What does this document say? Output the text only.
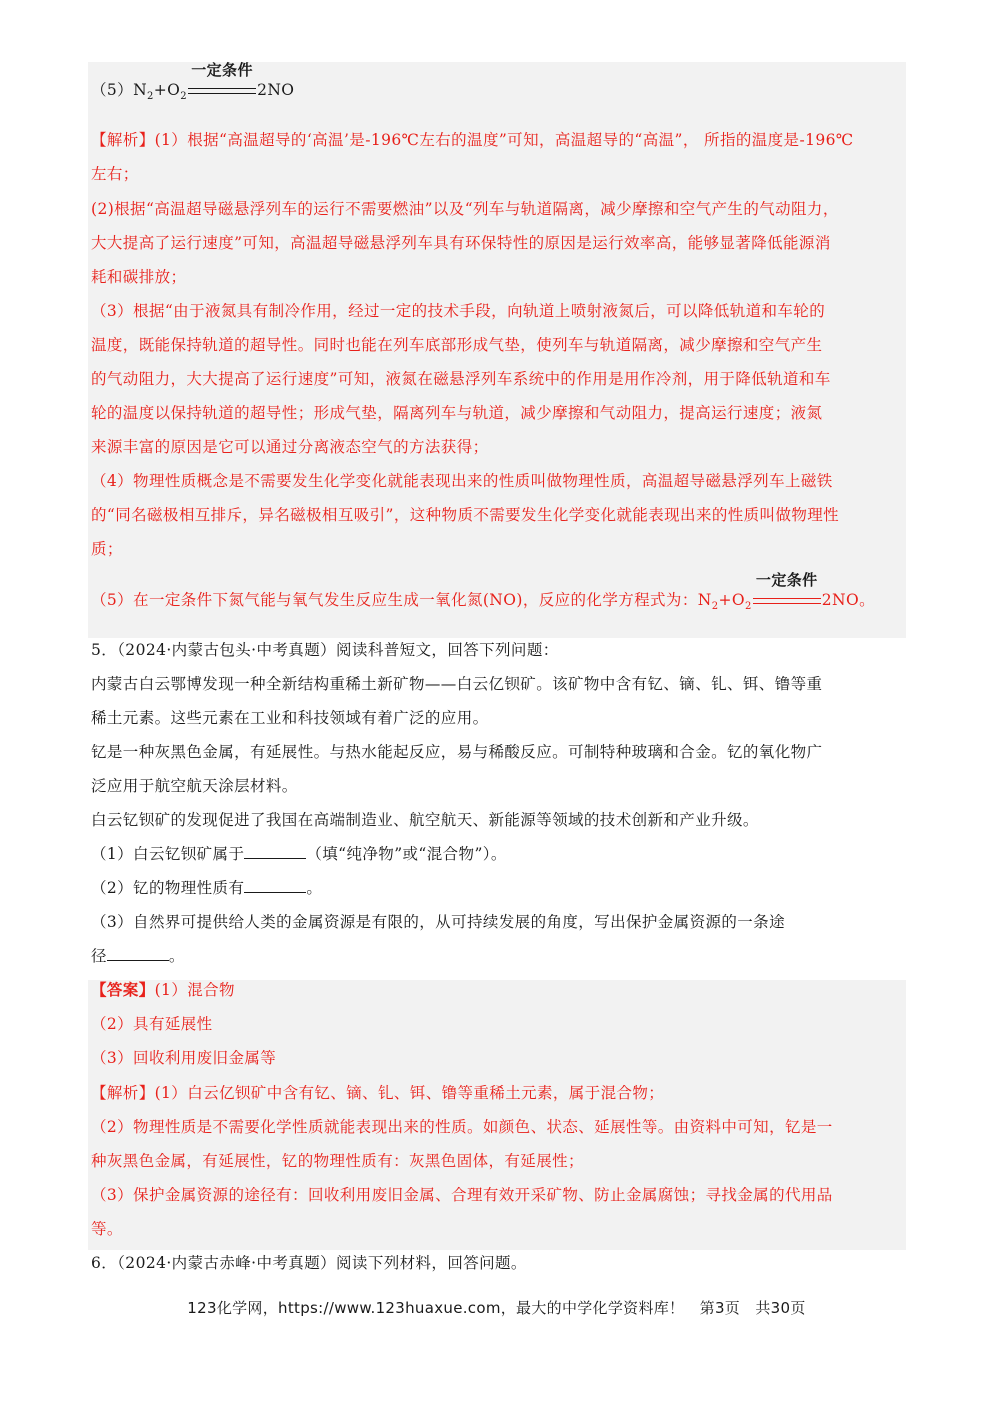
$(5)N_2+O_2$
一定条件
2NO
【解析】(1）根据“高温超导的‘高温’是-196℃左右的温度”可知，高温超导的“高温”， 所指的温度是-196℃
左右；
(2)根据“高温超导磁悬浮列车的运行不需要燃油”以及“列车与轨道隔离，减少摩擦和空气产生的气动阻力，
大大提高了运行速度”可知，高温超导磁悬浮列车具有环保特性的原因是运行效率高，能够显著降低能源消
耗和碳排放；
（3）根据“由于液氮具有制冷作用，经过一定的技术手段，向轨道上喷射液氮后，可以降低轨道和车轮的
温度，既能保持轨道的超导性。同时也能在列车底部形成气垫，使列车与轨道隔离，减少摩擦和空气产生
的气动阻力，大大提高了运行速度”可知，液氮在磁悬浮列车系统中的作用是用作冷剂，用于降低轨道和车
轮的温度以保持轨道的超导性；形成气垫，隔离列车与轨道，减少摩擦和气动阻力，提高运行速度；液氮
来源丰富的原因是它可以通过分离液态空气的方法获得；
（4）物理性质概念是不需要发生化学变化就能表现出来的性质叫做物理性质，高温超导磁悬浮列车上磁铁
的“同名磁极相互排斥，异名磁极相互吸引”，这种物质不需要发生化学变化就能表现出来的性质叫做物理性
质；
（5）在一定条件下氮气能与氧气发生反应生成一氧化氮(NO)，反应的化学方程式为：$N_2+O_2$
一定条件
2NO。
5．（2024·内蒙古包头·中考真题）阅读科普短文，回答下列问题：
内蒙古白云鄂博发现一种全新结构重稀土新矿物——白云亿钡矿。该矿物中含有钇、镝、钆、铒、镥等重
稀土元素。这些元素在工业和科技领域有着广泛的应用。
钇是一种灰黑色金属，有延展性。与热水能起反应，易与稀酸反应。可制特种玻璃和合金。钇的氧化物广
泛应用于航空航天涂层材料。
白云钇钡矿的发现促进了我国在高端制造业、航空航天、新能源等领域的技术创新和产业升级。
（1）白云钇钡矿属于	（填“纯净物”或“混合物”）。
（2）钇的物理性质有	。
（3）自然界可提供给人类的金属资源是有限的，从可持续发展的角度，写出保护金属资源的一条途
径	。
【答案】(1）混合物
（2）具有延展性
（3）回收利用废旧金属等
【解析】(1）白云亿钡矿中含有钇、镝、钆、铒、镥等重稀土元素，属于混合物；
（2）物理性质是不需要化学性质就能表现出来的性质。如颜色、状态、延展性等。由资料中可知，钇是一
种灰黑色金属，有延展性，钇的物理性质有：灰黑色固体，有延展性；
（3）保护金属资源的途径有：回收利用废旧金属、合理有效开采矿物、防止金属腐蚀；寻找金属的代用品
等。
6．（2024·内蒙古赤峰·中考真题）阅读下列材料，回答问题。
123化学网，https://www.123huaxue.com，最大的中学化学资料库！　第3页　共30页
